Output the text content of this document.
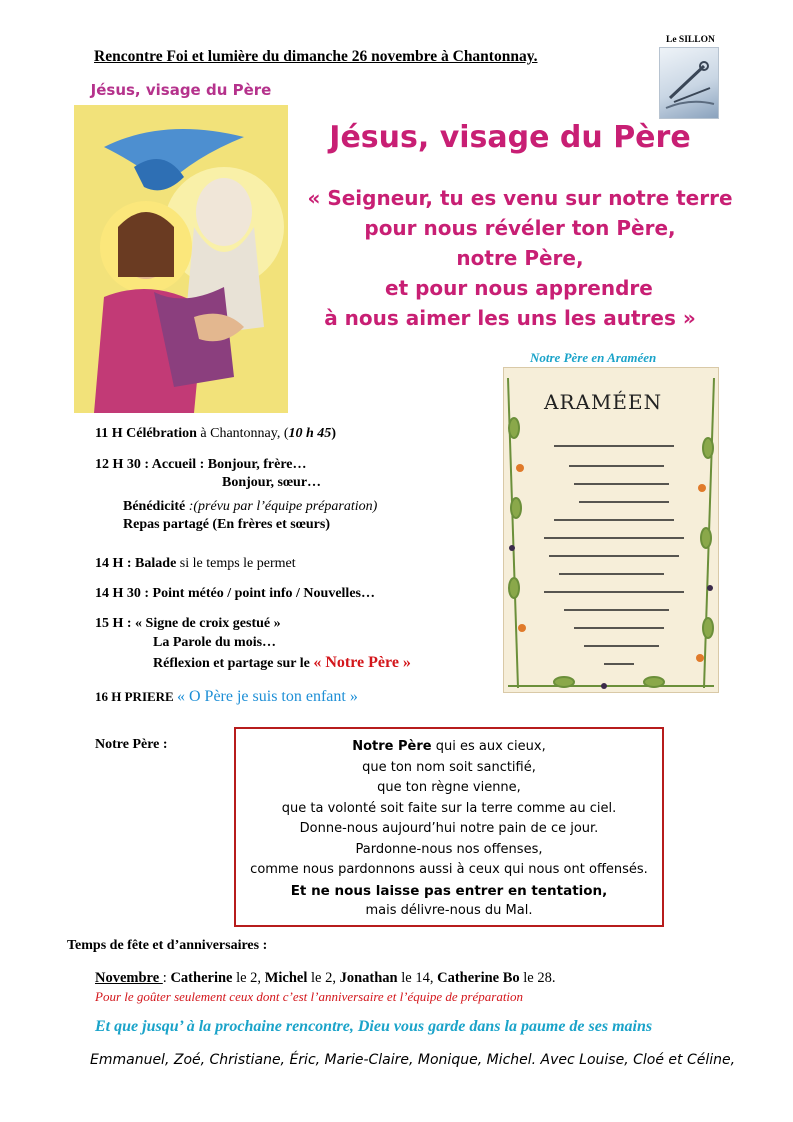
Rencontre Foi et lumière du dimanche 26 novembre à Chantonnay.
Le SILLON
Jésus, visage du Père
Jésus, visage du Père
« Seigneur, tu es venu sur notre terre
pour nous révéler ton Père,
notre Père,
et pour nous apprendre
à nous aimer les uns les autres »
Notre Père en Araméen
ARAMÉEN
11 H Célébration à Chantonnay, (10 h 45)
12 H 30 : Accueil : Bonjour, frère…
Bonjour, sœur…
Bénédicité :(prévu par l’équipe préparation)
Repas partagé (En frères et sœurs)
14 H : Balade si le temps le permet
14 H 30 : Point météo / point info / Nouvelles…
15 H : « Signe de croix gestué »
La Parole du mois…
Réflexion et partage sur le « Notre Père »
16 H PRIERE « O Père je suis ton enfant »
Notre Père :	Notre Père qui es aux cieux,
que ton nom soit sanctifié,
que ton règne vienne,
que ta volonté soit faite sur la terre comme au ciel.
Donne-nous aujourd’hui notre pain de ce jour.
Pardonne-nous nos offenses,
comme nous pardonnons aussi à ceux qui nous ont offensés.
Et ne nous laisse pas entrer en tentation,
mais délivre-nous du Mal.
Temps de fête et d’anniversaires :
Novembre : Catherine le 2, Michel le 2, Jonathan le 14, Catherine Bo le 28.
Pour le goûter seulement ceux dont c’est l’anniversaire et l’équipe de préparation
Et que jusqu’ à la prochaine rencontre, Dieu vous garde dans la paume de ses mains
Emmanuel, Zoé, Christiane, Éric, Marie-Claire, Monique, Michel. Avec Louise, Cloé et Céline,
